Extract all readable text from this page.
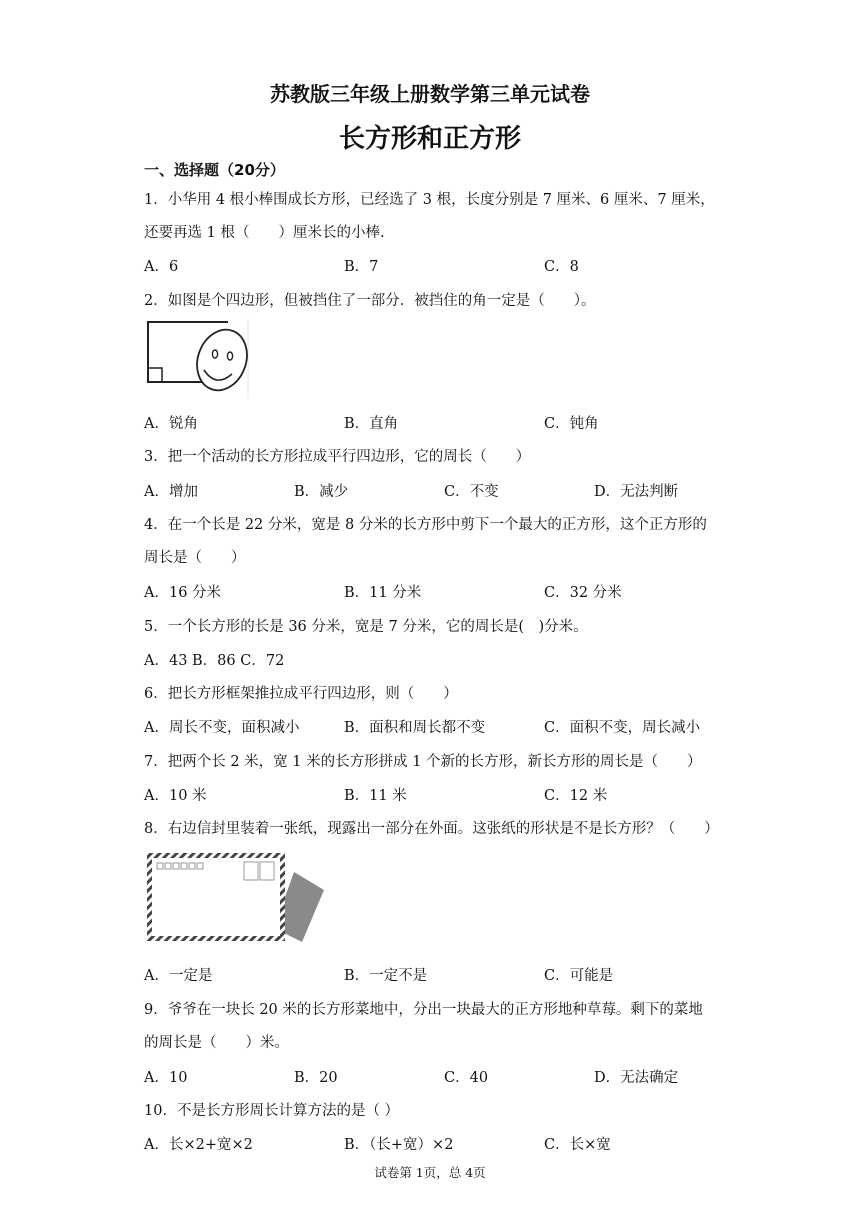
苏教版三年级上册数学第三单元试卷
长方形和正方形
一、选择题（20分）
1．小华用 4 根小棒围成长方形，已经选了 3 根，长度分别是 7 厘米、6 厘米、7 厘米，
还要再选 1 根（　　）厘米长的小棒.
A．6	B．7	C．8
2．如图是个四边形，但被挡住了一部分．被挡住的角一定是（　　）。
A．锐角	B．直角	C．钝角
3．把一个活动的长方形拉成平行四边形，它的周长（　　）
A．增加	B．减少	C．不变	D．无法判断
4．在一个长是 22 分米，宽是 8 分米的长方形中剪下一个最大的正方形，这个正方形的
周长是（　　）
A．16 分米	B．11 分米	C．32 分米
5．一个长方形的长是 36 分米，宽是 7 分米，它的周长是(　)分米。
A．43 B．86 C．72
6．把长方形框架推拉成平行四边形，则（　　）
A．周长不变，面积减小	B．面积和周长都不变	C．面积不变，周长减小
7．把两个长 2 米，宽 1 米的长方形拼成 1 个新的长方形，新长方形的周长是（　　）
A．10 米	B．11 米	C．12 米
8．右边信封里装着一张纸，现露出一部分在外面。这张纸的形状是不是长方形？（　　）
A．一定是	B．一定不是	C．可能是
9．爷爷在一块长 20 米的长方形菜地中，分出一块最大的正方形地种草莓。剩下的菜地
的周长是（　　）米。
A．10	B．20	C．40	D．无法确定
10．不是长方形周长计算方法的是（ ）
A．长×2+宽×2	B．（长+宽）×2	C．长×宽
试卷第 1页，总 4页
